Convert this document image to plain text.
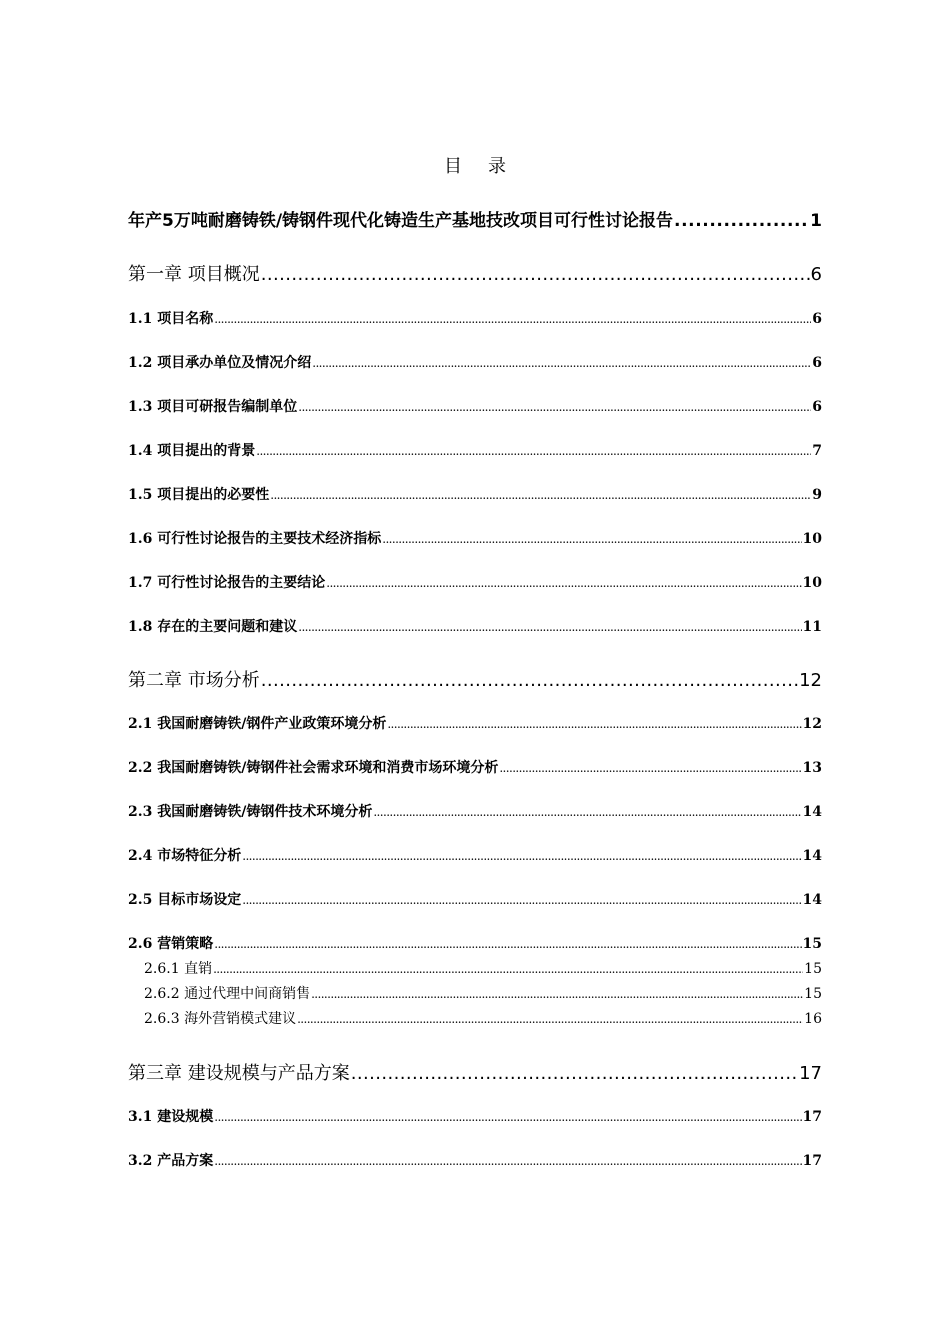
目录
年产5万吨耐磨铸铁/铸钢件现代化铸造生产基地技改项目可行性讨论报告 .....	1
第一章 项目概况 .....	6
1.1 项目名称 .....	6
1.2 项目承办单位及情况介绍 .....	6
1.3 项目可研报告编制单位 .....	6
1.4 项目提出的背景 .....	7
1.5 项目提出的必要性 .....	9
1.6 可行性讨论报告的主要技术经济指标 .....	10
1.7 可行性讨论报告的主要结论 .....	10
1.8 存在的主要问题和建议 .....	11
第二章 市场分析 .....	12
2.1 我国耐磨铸铁/钢件产业政策环境分析 .....	12
2.2 我国耐磨铸铁/铸钢件社会需求环境和消费市场环境分析 .....	13
2.3 我国耐磨铸铁/铸钢件技术环境分析 .....	14
2.4 市场特征分析 .....	14
2.5 目标市场设定 .....	14
2.6 营销策略 .....	15
2.6.1 直销 .....	15
2.6.2 通过代理中间商销售 .....	15
2.6.3 海外营销模式建议 .....	16
第三章 建设规模与产品方案 .....	17
3.1 建设规模 .....	17
3.2 产品方案 .....	17
